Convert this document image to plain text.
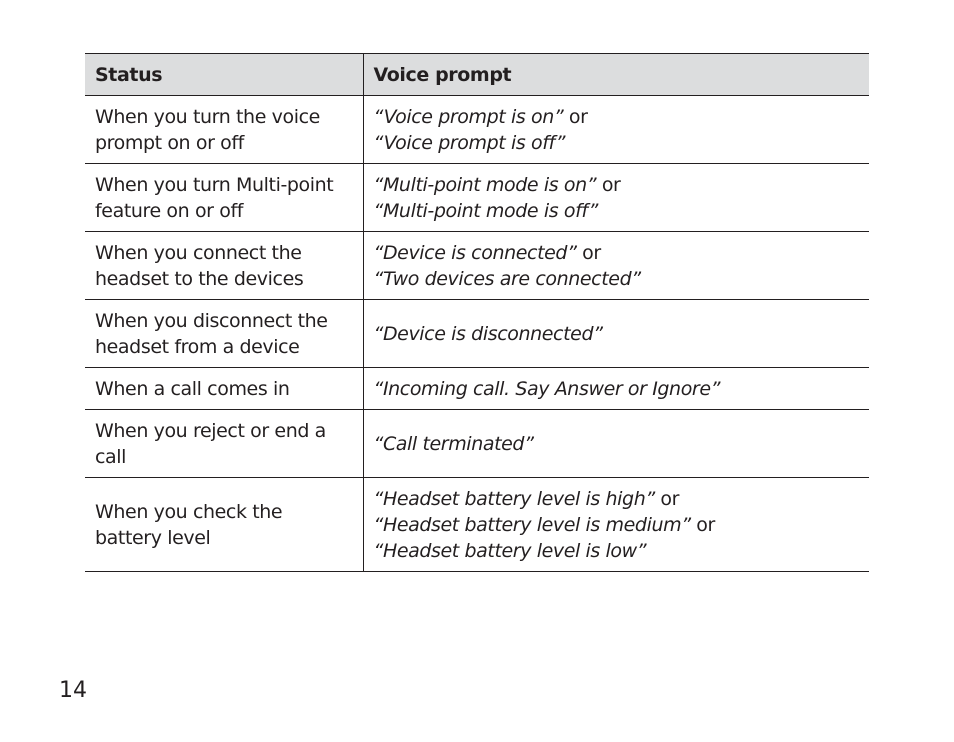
Status	Voice prompt
When you turn the voice prompt on or off	“Voice prompt is on” or
“Voice prompt is off”

When you turn Multi-point feature on or off	“Multi-point mode is on” or
“Multi-point mode is off”

When you connect the headset to the devices	“Device is connected” or
“Two devices are connected”

When you disconnect the headset from a device	“Device is disconnected”

When a call comes in	“Incoming call. Say Answer or Ignore”

When you reject or end a call	“Call terminated”

When you check the battery level	“Headset battery level is high” or
“Headset battery level is medium” or
“Headset battery level is low”
14
